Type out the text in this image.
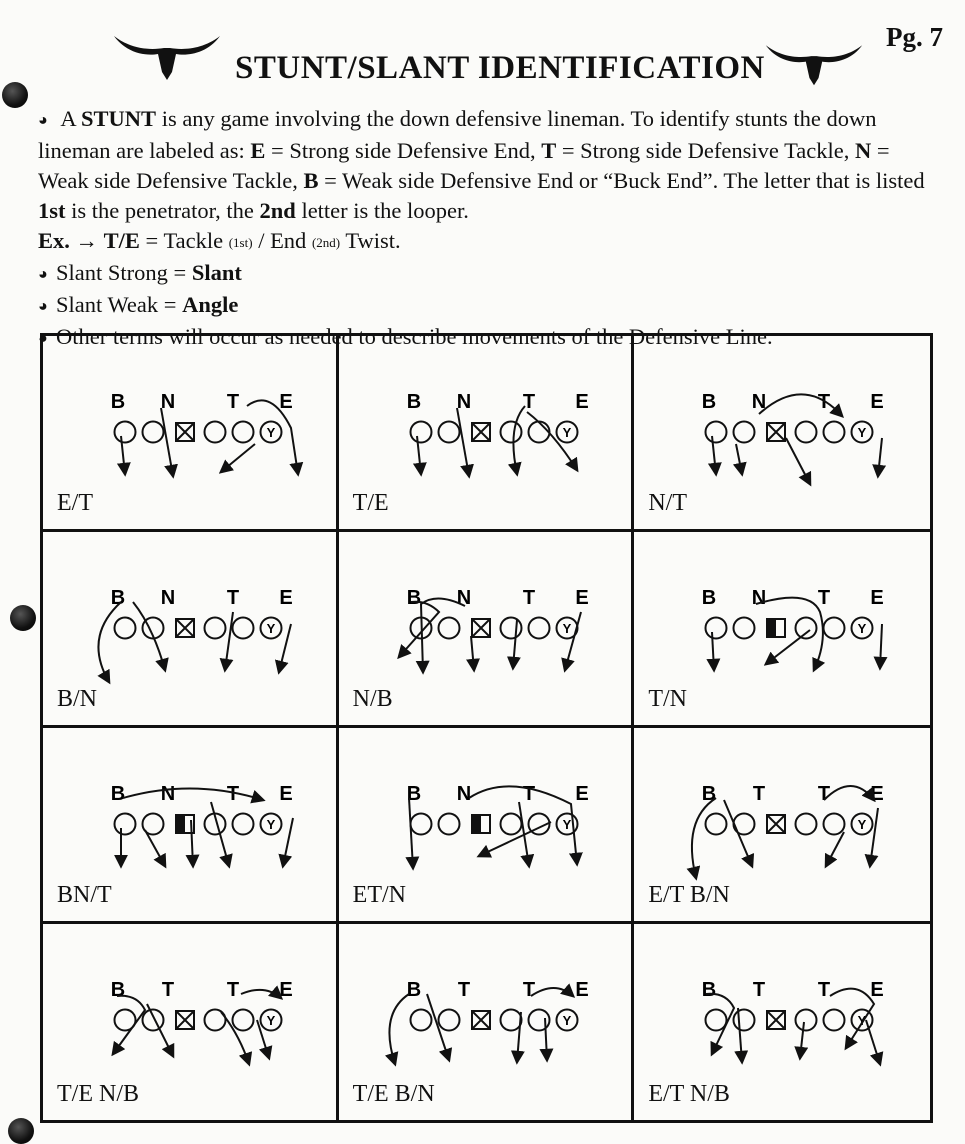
Pg. 7
STUNT/SLANT IDENTIFICATION

◕ A STUNT is any game involving the down defensive lineman. To identify stunts the down lineman are labeled as: E = Strong side Defensive End, T = Strong side Defensive Tackle, N = Weak side Defensive Tackle, B = Weak side Defensive End or “Buck End”. The letter that is listed 1st is the penetrator, the 2nd letter is the looper.

Ex. → T/E = Tackle (1st) / End (2nd) Twist.

◕ Slant Strong = Slant

◕ Slant Weak = Angle

◕ Other terms will occur as needed to describe movements of the Defensive Line.

Y
B N	T E
E/T
Y
B N	T E
T/E
Y
B N	T E
N/T
Y
B N	T E
B/N
Y
B N	T E
N/B
Y
B N	T E
T/N
Y
B N	T E
BN/T
Y
B N	T E
ET/N
Y
B T	T E
E/T B/N
Y
B T	T E
T/E N/B
Y
B T	T E
T/E B/N
Y
B T	T E
E/T N/B
